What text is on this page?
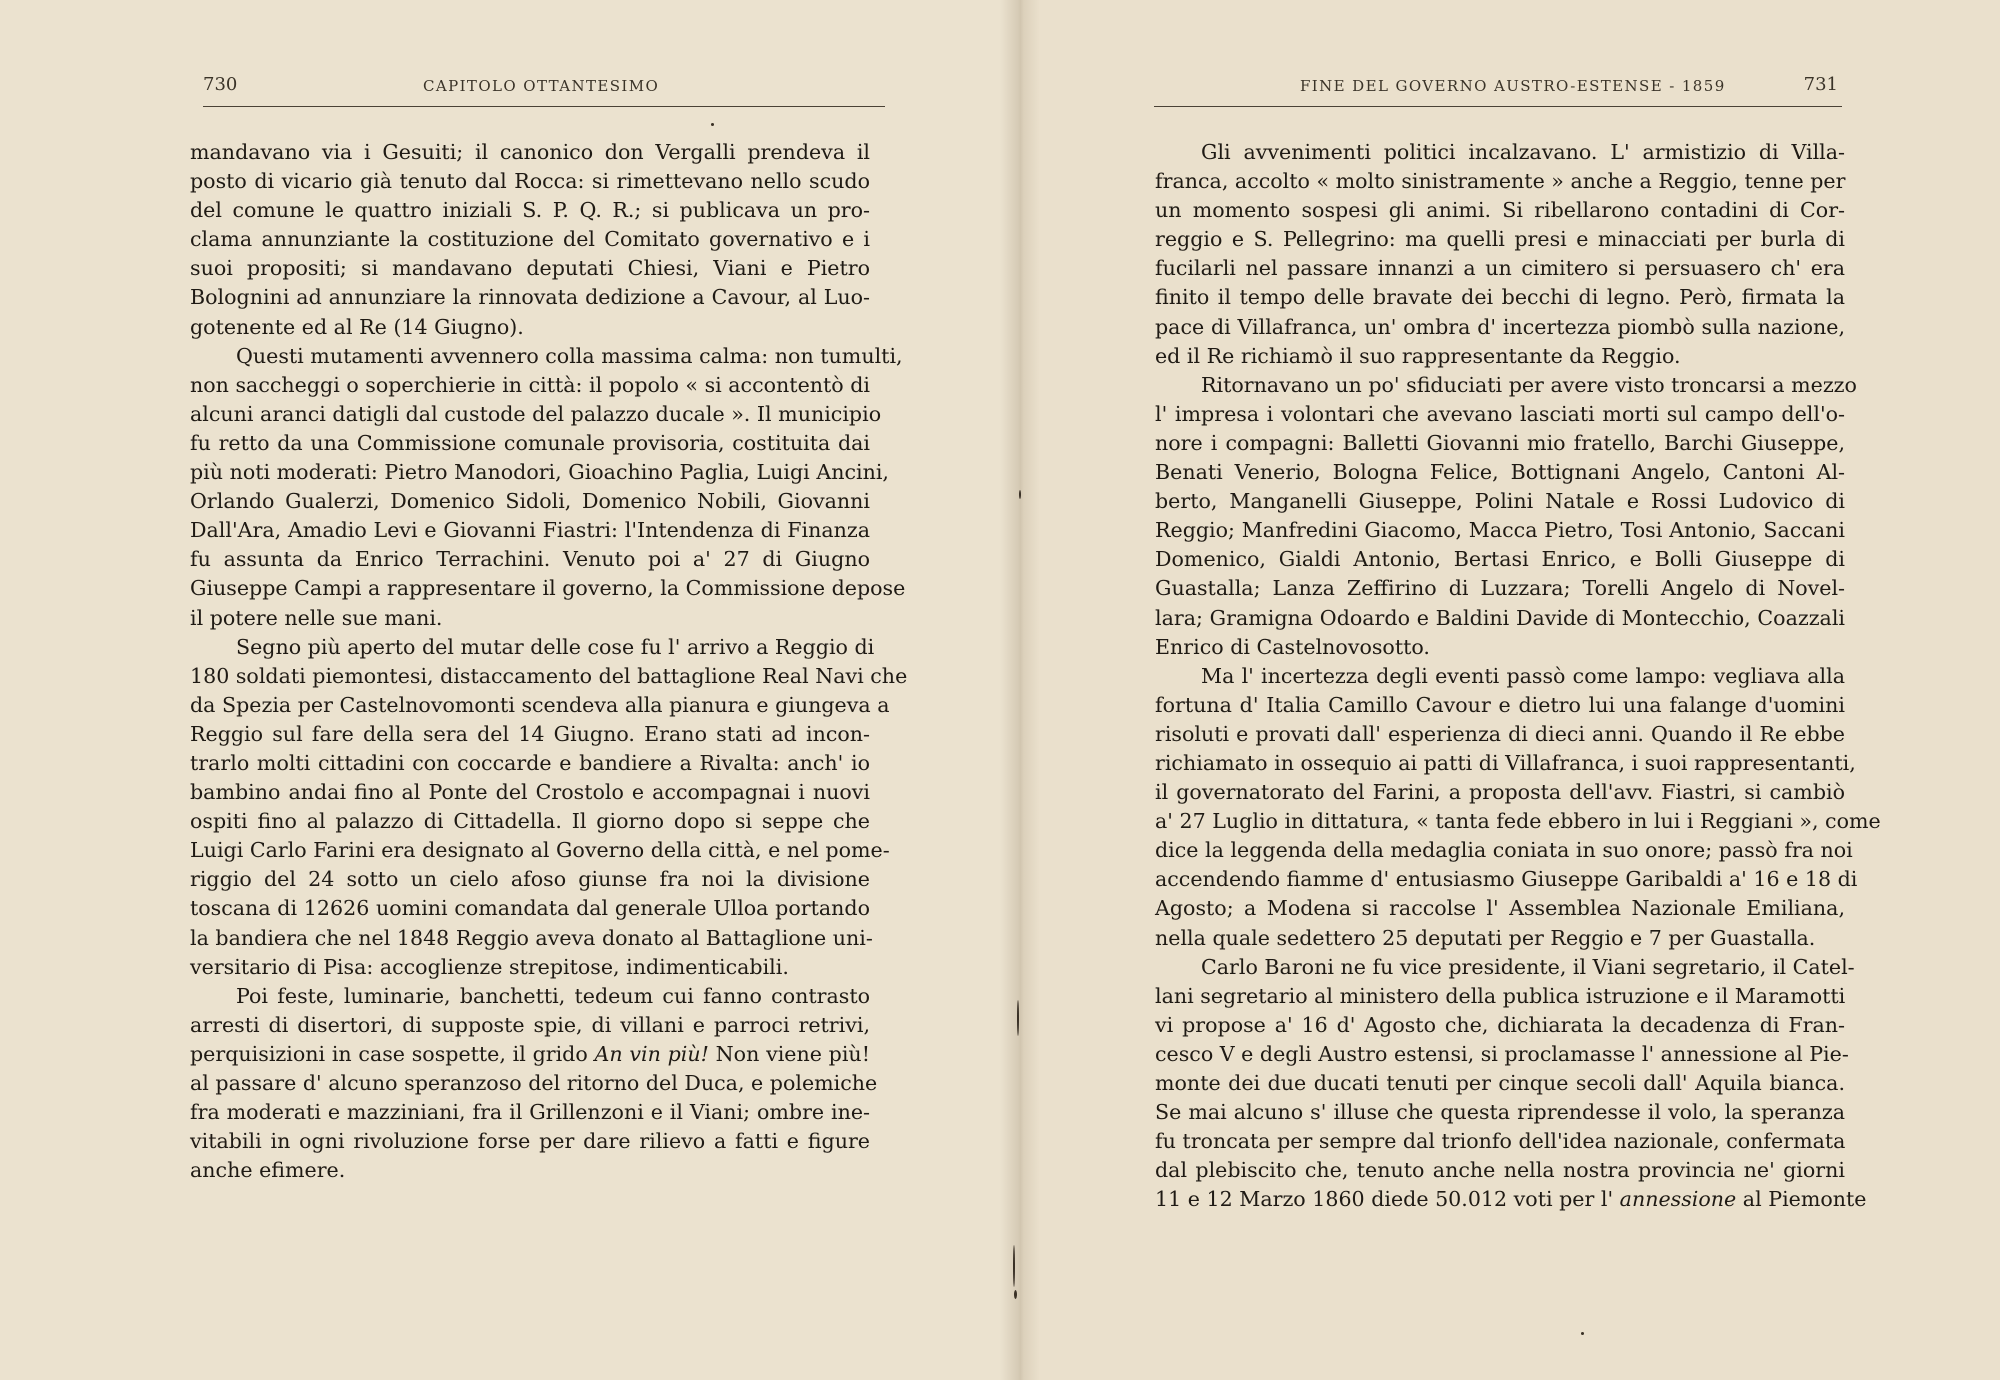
730	CAPITOLO OTTANTESIMO
mandavano via i Gesuiti; il canonico don Vergalli prendeva il
posto di vicario già tenuto dal Rocca: si rimettevano nello scudo
del comune le quattro iniziali S. P. Q. R.; si publicava un pro-
clama annunziante la costituzione del Comitato governativo e i
suoi propositi; si mandavano deputati Chiesi, Viani e Pietro
Bolognini ad annunziare la rinnovata dedizione a Cavour, al Luo-
gotenente ed al Re (14 Giugno).
Questi mutamenti avvennero colla massima calma: non tumulti,
non saccheggi o soperchierie in città: il popolo « si accontentò di
alcuni aranci datigli dal custode del palazzo ducale ». Il municipio
fu retto da una Commissione comunale provisoria, costituita dai
più noti moderati: Pietro Manodori, Gioachino Paglia, Luigi Ancini,
Orlando Gualerzi, Domenico Sidoli, Domenico Nobili, Giovanni
Dall'Ara, Amadio Levi e Giovanni Fiastri: l'Intendenza di Finanza
fu assunta da Enrico Terrachini. Venuto poi a' 27 di Giugno
Giuseppe Campi a rappresentare il governo, la Commissione depose
il potere nelle sue mani.
Segno più aperto del mutar delle cose fu l' arrivo a Reggio di
180 soldati piemontesi, distaccamento del battaglione Real Navi che
da Spezia per Castelnovomonti scendeva alla pianura e giungeva a
Reggio sul fare della sera del 14 Giugno. Erano stati ad incon-
trarlo molti cittadini con coccarde e bandiere a Rivalta: anch' io
bambino andai fino al Ponte del Crostolo e accompagnai i nuovi
ospiti fino al palazzo di Cittadella. Il giorno dopo si seppe che
Luigi Carlo Farini era designato al Governo della città, e nel pome-
riggio del 24 sotto un cielo afoso giunse fra noi la divisione
toscana di 12626 uomini comandata dal generale Ulloa portando
la bandiera che nel 1848 Reggio aveva donato al Battaglione uni-
versitario di Pisa: accoglienze strepitose, indimenticabili.
Poi feste, luminarie, banchetti, tedeum cui fanno contrasto
arresti di disertori, di supposte spie, di villani e parroci retrivi,
perquisizioni in case sospette, il grido An vin più! Non viene più!
al passare d' alcuno speranzoso del ritorno del Duca, e polemiche
fra moderati e mazziniani, fra il Grillenzoni e il Viani; ombre ine-
vitabili in ogni rivoluzione forse per dare rilievo a fatti e figure
anche efimere.
FINE DEL GOVERNO AUSTRO-ESTENSE - 1859	731
Gli avvenimenti politici incalzavano. L' armistizio di Villa-
franca, accolto « molto sinistramente » anche a Reggio, tenne per
un momento sospesi gli animi. Si ribellarono contadini di Cor-
reggio e S. Pellegrino: ma quelli presi e minacciati per burla di
fucilarli nel passare innanzi a un cimitero si persuasero ch' era
finito il tempo delle bravate dei becchi di legno. Però, firmata la
pace di Villafranca, un' ombra d' incertezza piombò sulla nazione,
ed il Re richiamò il suo rappresentante da Reggio.
Ritornavano un po' sfiduciati per avere visto troncarsi a mezzo
l' impresa i volontari che avevano lasciati morti sul campo dell'o-
nore i compagni: Balletti Giovanni mio fratello, Barchi Giuseppe,
Benati Venerio, Bologna Felice, Bottignani Angelo, Cantoni Al-
berto, Manganelli Giuseppe, Polini Natale e Rossi Ludovico di
Reggio; Manfredini Giacomo, Macca Pietro, Tosi Antonio, Saccani
Domenico, Gialdi Antonio, Bertasi Enrico, e Bolli Giuseppe di
Guastalla; Lanza Zeffirino di Luzzara; Torelli Angelo di Novel-
lara; Gramigna Odoardo e Baldini Davide di Montecchio, Coazzali
Enrico di Castelnovosotto.
Ma l' incertezza degli eventi passò come lampo: vegliava alla
fortuna d' Italia Camillo Cavour e dietro lui una falange d'uomini
risoluti e provati dall' esperienza di dieci anni. Quando il Re ebbe
richiamato in ossequio ai patti di Villafranca, i suoi rappresentanti,
il governatorato del Farini, a proposta dell'avv. Fiastri, si cambiò
a' 27 Luglio in dittatura, « tanta fede ebbero in lui i Reggiani », come
dice la leggenda della medaglia coniata in suo onore; passò fra noi
accendendo fiamme d' entusiasmo Giuseppe Garibaldi a' 16 e 18 di
Agosto; a Modena si raccolse l' Assemblea Nazionale Emiliana,
nella quale sedettero 25 deputati per Reggio e 7 per Guastalla.
Carlo Baroni ne fu vice presidente, il Viani segretario, il Catel-
lani segretario al ministero della publica istruzione e il Maramotti
vi propose a' 16 d' Agosto che, dichiarata la decadenza di Fran-
cesco V e degli Austro estensi, si proclamasse l' annessione al Pie-
monte dei due ducati tenuti per cinque secoli dall' Aquila bianca.
Se mai alcuno s' illuse che questa riprendesse il volo, la speranza
fu troncata per sempre dal trionfo dell'idea nazionale, confermata
dal plebiscito che, tenuto anche nella nostra provincia ne' giorni
11 e 12 Marzo 1860 diede 50.012 voti per l' annessione al Piemonte
